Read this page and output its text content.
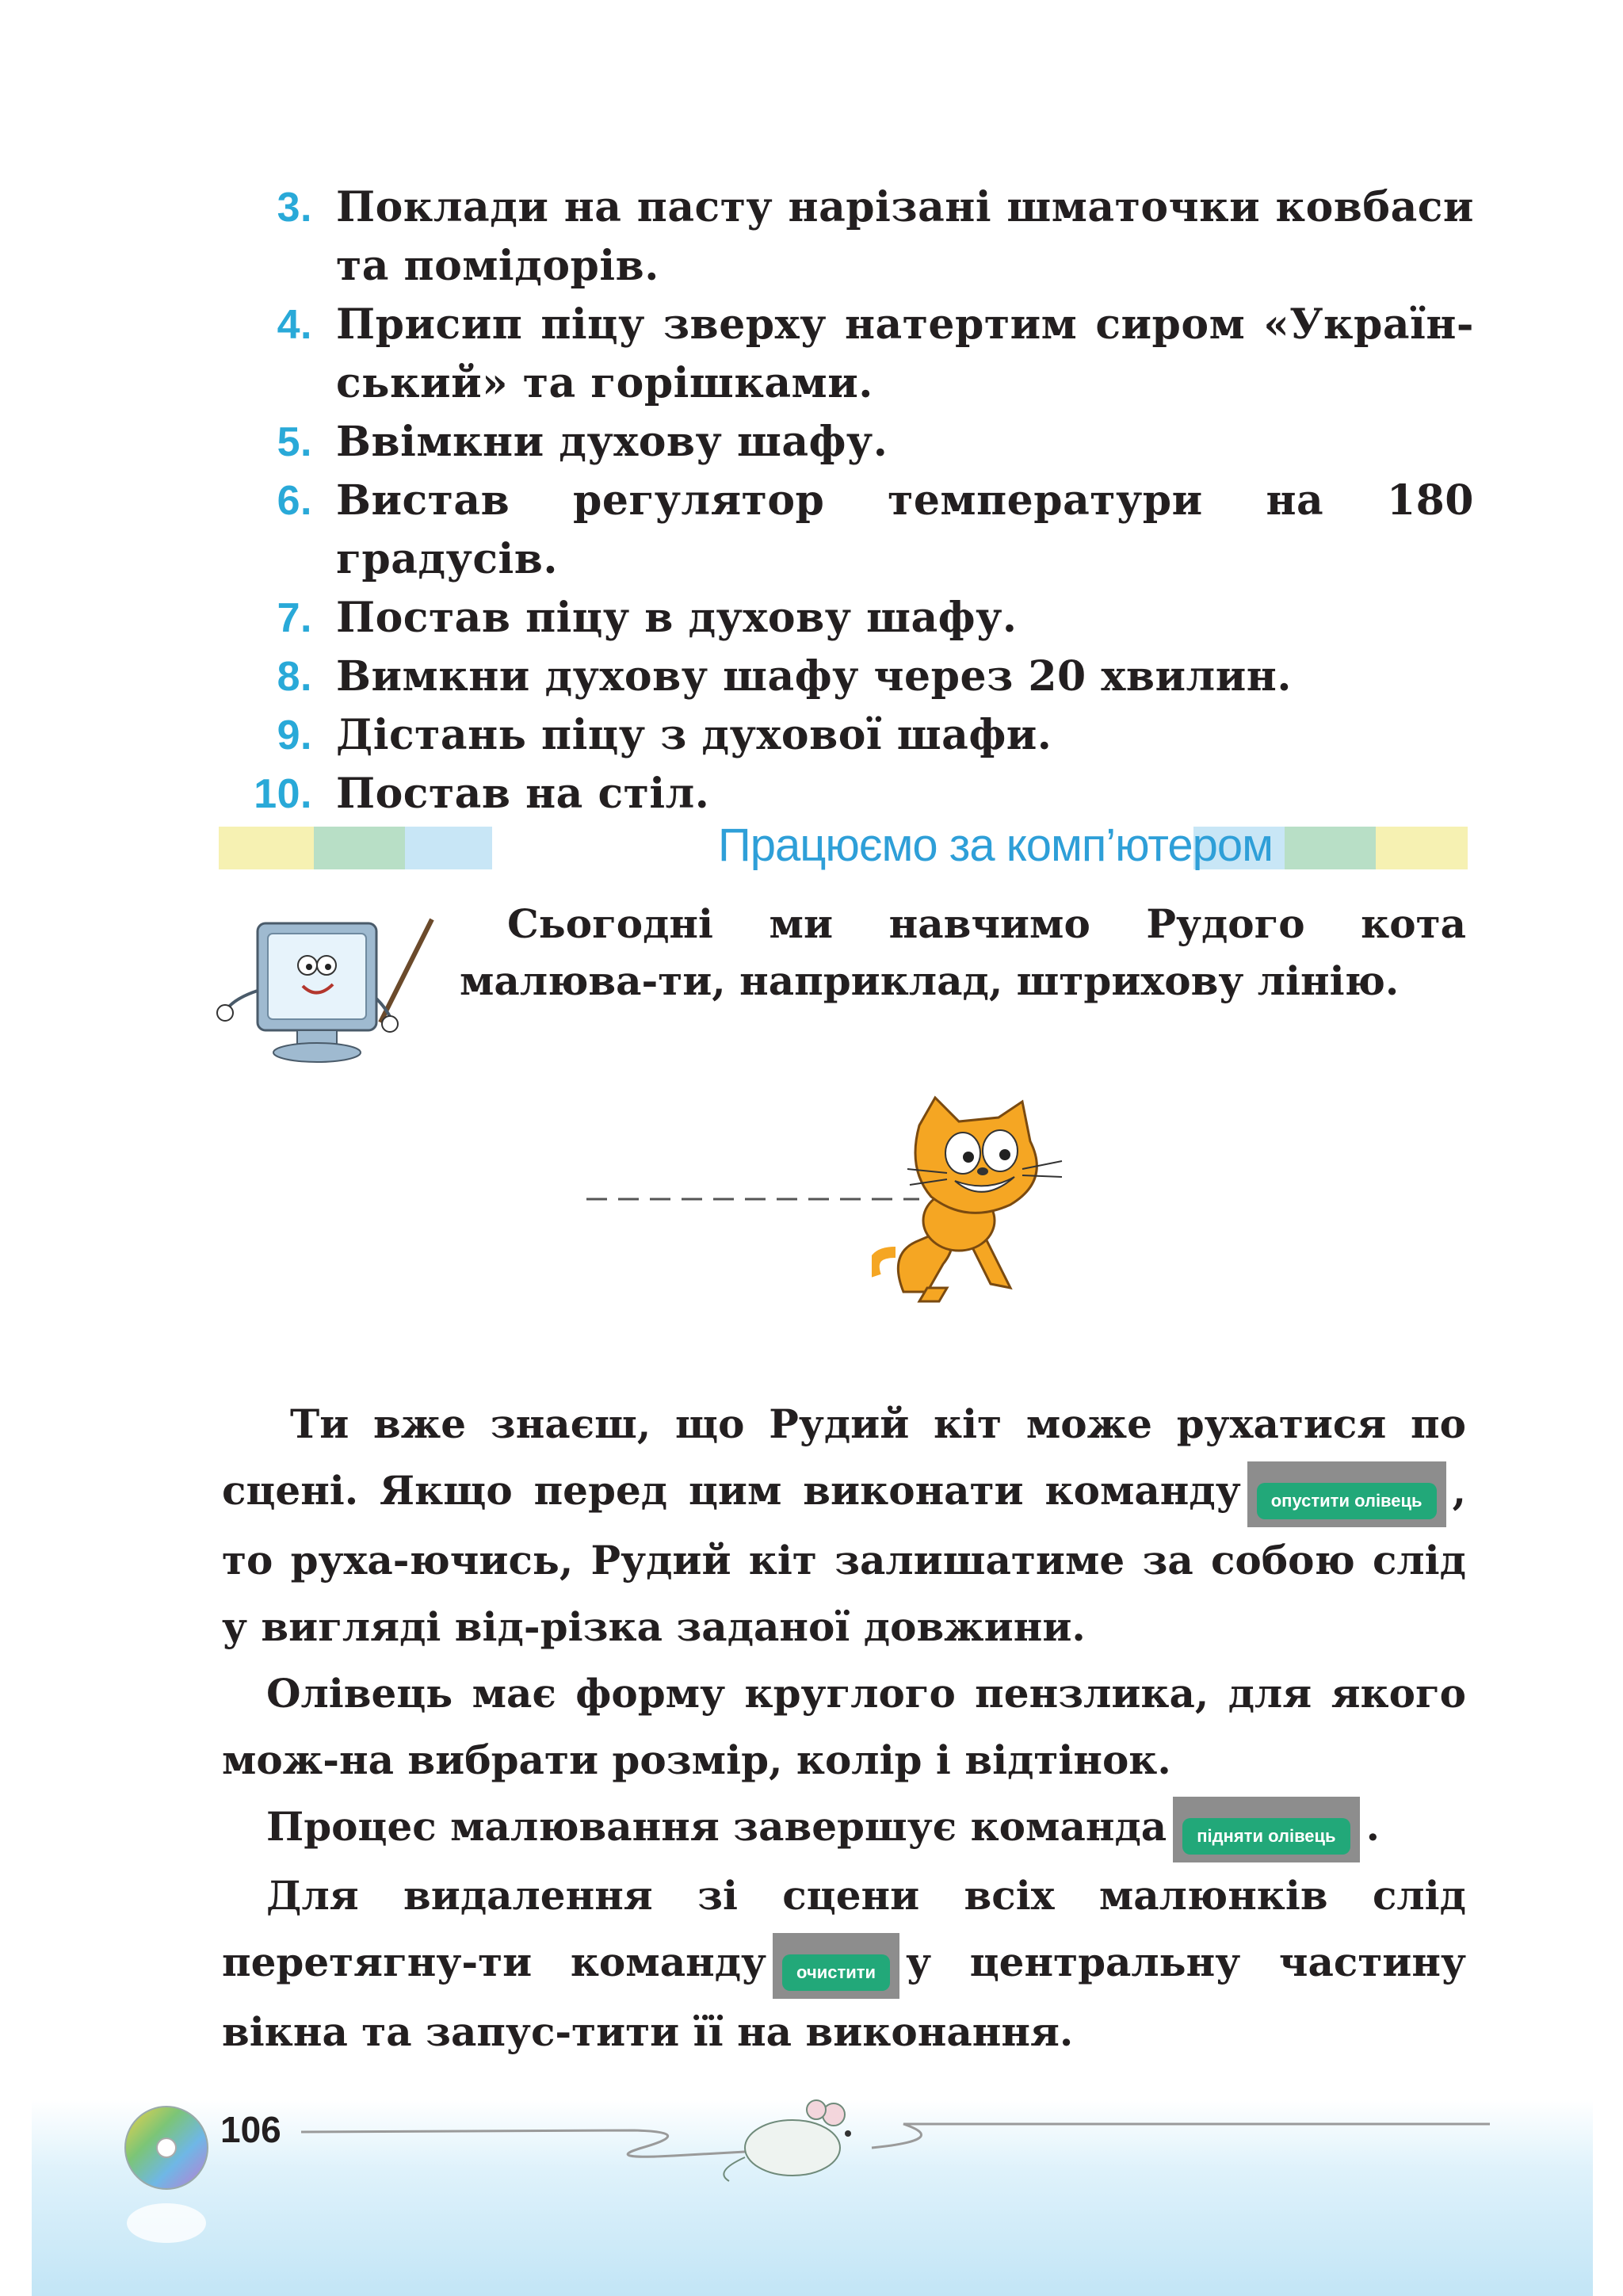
3. Поклади на пасту нарізані шматочки ковбаси та помідорів.
4. Присип піцу зверху натертим сиром «Україн-ський» та горішками.
5. Ввімкни духову шафу.
6. Вистав регулятор температури на 180 градусів.
7. Постав піцу в духову шафу.
8. Вимкни духову шафу через 20 хвилин.
9. Дістань піцу з духової шафи.
10. Постав на стіл.
Працюємо за комп’ютером
Сьогодні ми навчимо Рудого кота малюва-ти, наприклад, штрихову лінію.
Ти вже знаєш, що Рудий кіт може рухатися по сцені. Якщо перед цим виконати команду опустити олівець , то руха-ючись, Рудий кіт залишатиме за собою слід у вигляді від-різка заданої довжини.
Олівець має форму круглого пензлика, для якого мож-на вибрати розмір, колір і відтінок.
Процес малювання завершує команда підняти олівець .
Для видалення зі сцени всіх малюнків слід перетягну-ти команду очистити у центральну частину вікна та запус-тити її на виконання.
106
